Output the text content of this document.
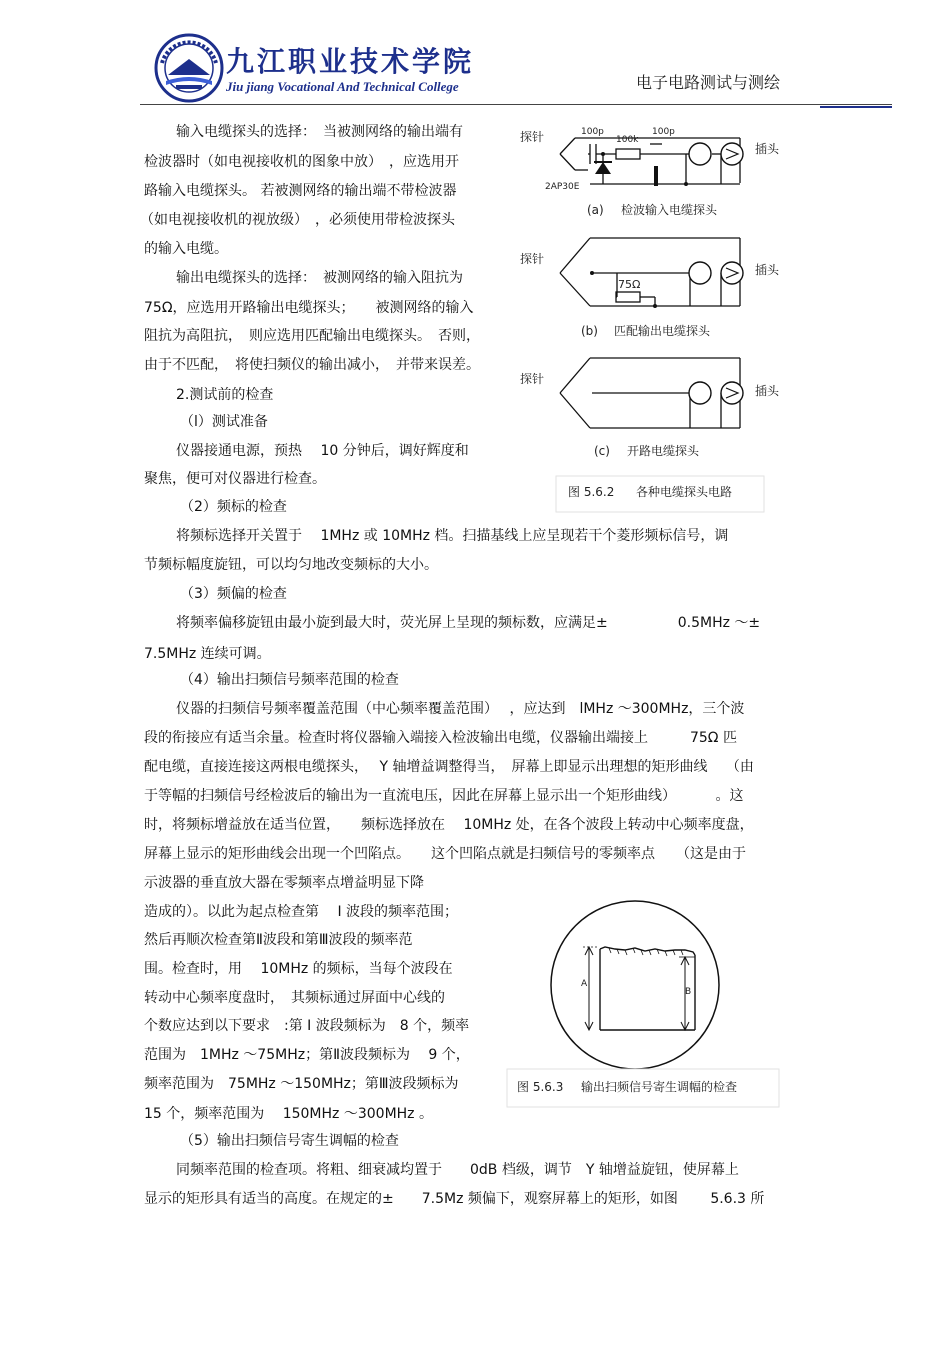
九江职业技术学院
Jiu jiang Vocational And Technical College	电子电路测试与测绘
输入电缆探头的选择：　当被测网络的输出端有
检波器时（如电视接收机的图象中放）　，应选用开
路输入电缆探头。 若被测网络的输出端不带检波器
（如电视接收机的视放级）　，必须使用带检波探头
的输入电缆。
输出电缆探头的选择：　被测网络的输入阻抗为
75Ω，应选用开路输出电缆探头；　　被测网络的输入
阻抗为高阻抗，　则应选用匹配输出电缆探头。　否则，
由于不匹配，　将使扫频仪的输出减小，　并带来误差。
2.测试前的检查
（l）测试准备
仪器接通电源，预热　 10 分钟后，调好辉度和
聚焦，便可对仪器进行检查。
（2）频标的检查
将频标选择开关置于　 1MHz 或 10MHz 档。扫描基线上应呈现若干个菱形频标信号，调
节频标幅度旋钮，可以均匀地改变频标的大小。
（3）频偏的检查
将频率偏移旋钮由最小旋到最大时，荧光屏上呈现的频标数，应满足±　　　　　0.5MHz ～±
7.5MHz 连续可调。
（4）输出扫频信号频率范围的检查
仪器的扫频信号频率覆盖范围（中心频率覆盖范围）　 ，应达到　lMHz ～300MHz，三个波
段的衔接应有适当余量。检查时将仪器输入端接入检波输出电缆，仪器输出端接上　　　75Ω 匹
配电缆，直接连接这两根电缆探头，　 Y 轴增益调整得当，　屏幕上即显示出理想的矩形曲线　 （由
于等幅的扫频信号经检波后的输出为一直流电压，因此在屏幕上显示出一个矩形曲线）　　　 。这
时，将频标增益放在适当位置，　　频标选择放在　 10MHz 处，在各个波段上转动中心频率度盘，
屏幕上显示的矩形曲线会出现一个凹陷点。　　这个凹陷点就是扫频信号的零频率点　　（这是由于
示波器的垂直放大器在零频率点增益明显下降
造成的）。以此为起点检查第　 I 波段的频率范围；
然后再顺次检查第Ⅱ波段和第Ⅲ波段的频率范
围。检查时，用　 10MHz 的频标，当每个波段在
转动中心频率度盘时，　其频标通过屏面中心线的
个数应达到以下要求　:第 I 波段频标为　8 个，频率
范围为　1MHz ～75MHz；第Ⅱ波段频标为　 9 个，
频率范围为　75MHz ～150MHz；第Ⅲ波段频标为
15 个，频率范围为　 150MHz ～300MHz 。
（5）输出扫频信号寄生调幅的检查
同频率范围的检查项。将粗、细衰减均置于　　0dB 档级，调节　Y 轴增益旋钮，使屏幕上
显示的矩形具有适当的高度。在规定的±　　7.5Mz 频偏下，观察屏幕上的矩形，如图　　 5.6.3 所
探针	100p
100k
100p
2AP30E
插头
(a) 检波输入电缆探头
探针
75Ω
插头
(b) 匹配输出电缆探头
探针
插头
(c) 开路电缆探头
图 5.6.2 各种电缆探头电路
A
B
图 5.6.3 输出扫频信号寄生调幅的检查
